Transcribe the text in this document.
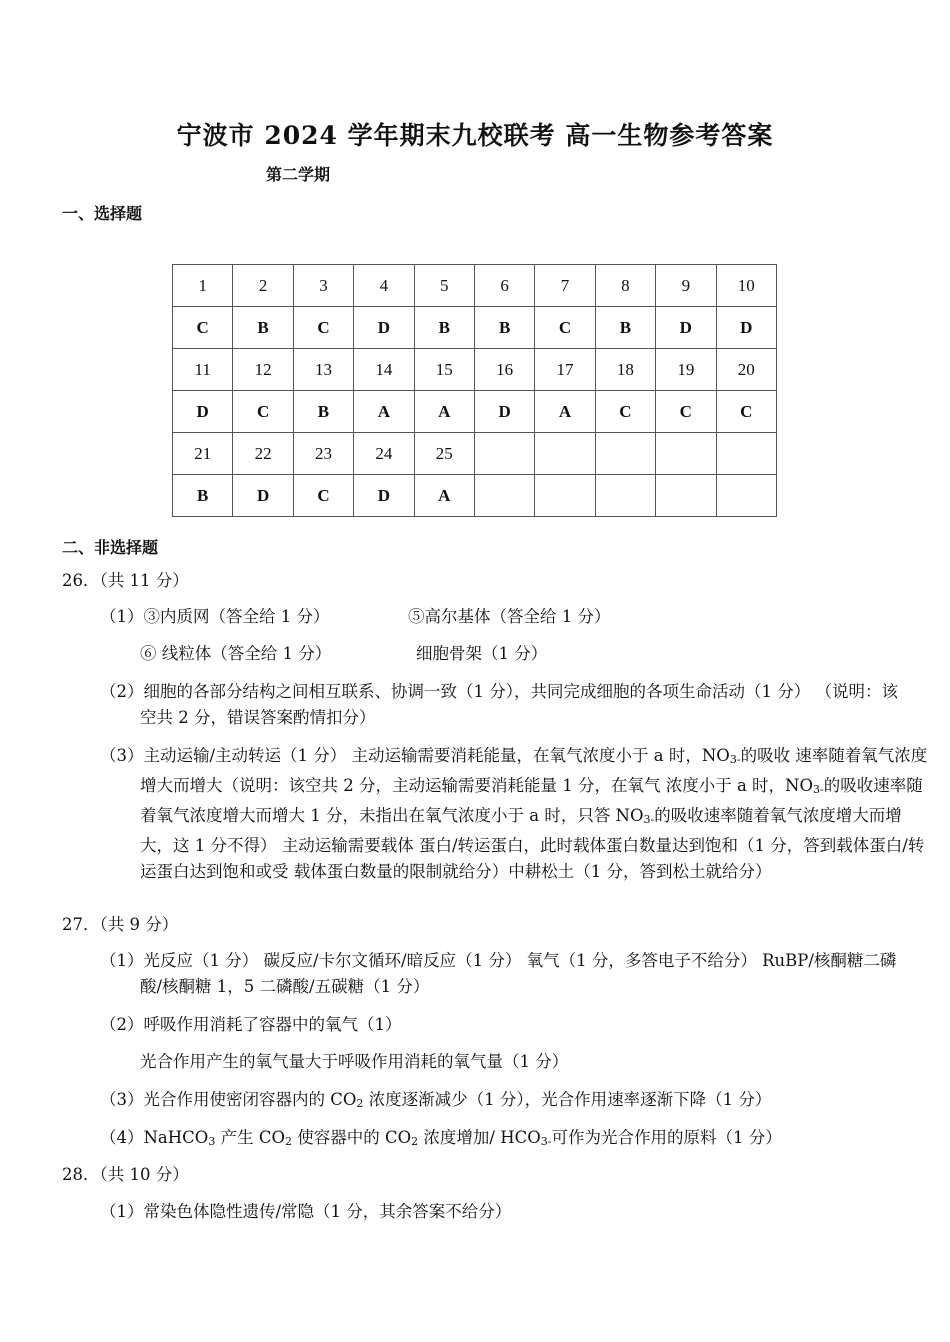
宁波市 2024 学年期末九校联考 高一生物参考答案
第二学期
一、选择题
1	2	3	4	5	6	7	8	9	10
C	B	C	D	B	B	C	B	D	D
11	12	13	14	15	16	17	18	19	20
D	C	B	A	A	D	A	C	C	C
21	22	23	24	25					
B	D	C	D	A					
二、非选择题
26．（共 11 分）
（1）③内质网（答全给 1 分）	⑤高尔基体（答全给 1 分）
⑥ 线粒体（答全给 1 分）	细胞骨架（1 分）
（2）细胞的各部分结构之间相互联系、协调一致（1 分），共同完成细胞的各项生命活动（1 分） （说明：该空共 2 分，错误答案酌情扣分）
（3）主动运输/主动转运（1 分） 主动运输需要消耗能量，在氧气浓度小于 a 时，NO3-的吸收 速率随着氧气浓度增大而增大（说明：该空共 2 分，主动运输需要消耗能量 1 分，在氧气 浓度小于 a 时，NO3-的吸收速率随着氧气浓度增大而增大 1 分，未指出在氧气浓度小于 a 时，只答 NO3-的吸收速率随着氧气浓度增大而增大，这 1 分不得） 主动运输需要载体 蛋白/转运蛋白，此时载体蛋白数量达到饱和（1 分，答到载体蛋白/转运蛋白达到饱和或受 载体蛋白数量的限制就给分）中耕松土（1 分，答到松土就给分）
27．（共 9 分）
（1）光反应（1 分） 碳反应/卡尔文循环/暗反应（1 分） 氧气（1 分，多答电子不给分） RuBP/核酮糖二磷酸/核酮糖 1，5 二磷酸/五碳糖（1 分）
（2）呼吸作用消耗了容器中的氧气（1）
光合作用产生的氧气量大于呼吸作用消耗的氧气量（1 分）
（3）光合作用使密闭容器内的 CO2 浓度逐渐减少（1 分），光合作用速率逐渐下降（1 分）
（4）NaHCO3 产生 CO2 使容器中的 CO2 浓度增加/ HCO3-可作为光合作用的原料（1 分）
28．（共 10 分）
（1）常染色体隐性遗传/常隐（1 分，其余答案不给分）
